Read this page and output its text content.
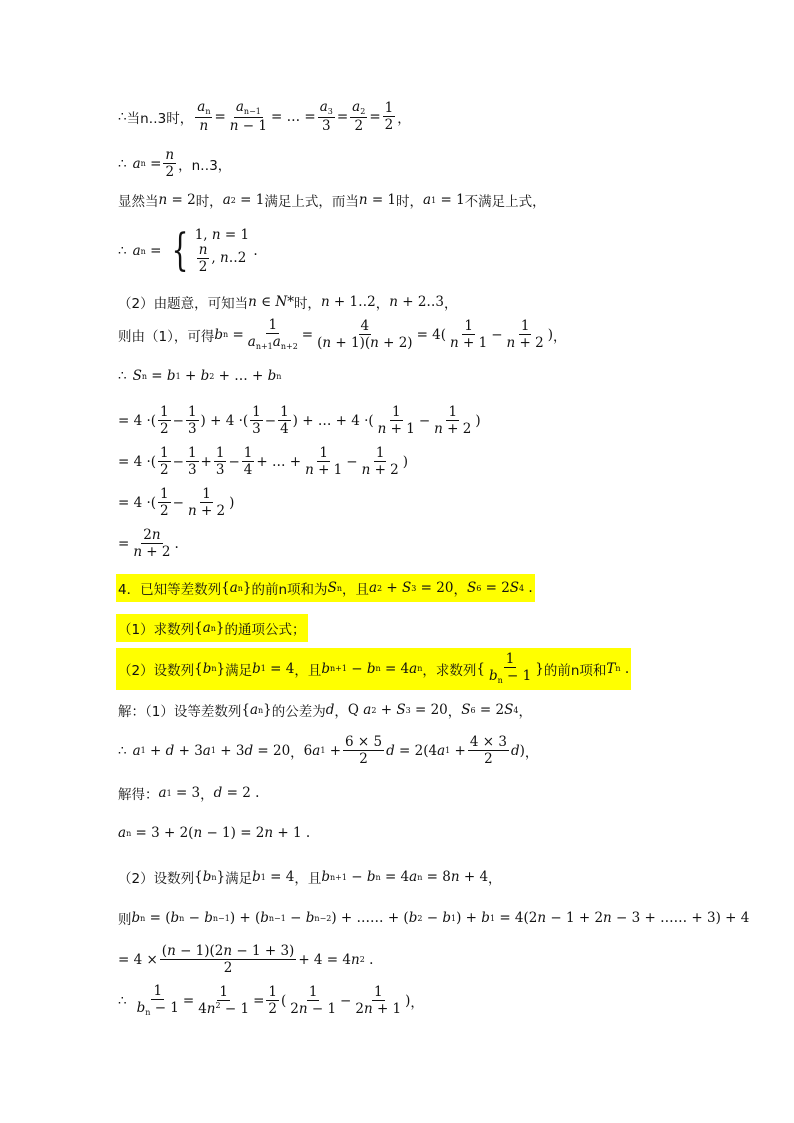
∴ 当n‥3时， $\frac{a_n}{n} = \frac{a_{n-1}}{n - 1}$ = … = $\frac{a_3}{3} = \frac{a_2}{2} = \frac{1}{2}$ ，
∴ a $n = \frac{n}{2}$ ， n‥3，
显然当 n = 2 时， a 2 = 1 满足上式，而当 n = 1 时， a 1 = 1 不满足上式，
∴ a n = { 1, n = 1
$\frac{n}{2}$ , n‥2 .
（2）由题意，可知当 n ∈ N * 时， n + 1‥2 ， n + 2‥3 ，
则由（1），可得 b $n = \frac{1}{a_{n+1}a_{n+2}} = \frac{4}{(n + 1)(n + 2)} = 4( \frac{1}{n + 1} - \frac{1}{n + 2}$ ) ，
∴ S n = b 1 + b 2 + … + b n
= 4 ·( $\frac{1}{2} - \frac{1}{3}$ ) + 4 ·( $\frac{1}{3} - \frac{1}{4}$ ) + … + 4 ·( $\frac{1}{n + 1} - \frac{1}{n + 2}$ )
= 4 ·( $\frac{1}{2} - \frac{1}{3} + \frac{1}{3} - \frac{1}{4}$ + … + $\frac{1}{n + 1} - \frac{1}{n + 2}$ )
= 4 ·( $\frac{1}{2} - \frac{1}{n + 2}$ )
= $\frac{2n}{n + 2}$ .
4．已知等差数列 { a n } 的前n项和为 S n ，且 a 2 + S 3 = 20 ， S 6 = 2 S 4 .
（1）求数列 { a n } 的通项公式；
（2）设数列 { b n } 满足 b 1 = 4 ，且 b n+1 − b n = 4 a n ，求数列 { $\frac{1}{b_n - 1}$ } 的前n项和 T n .
解：（1）设等差数列 { a n } 的公差为 d ， Q
a 2 + S 3 = 20 ， S 6 = 2 S 4 ，
∴ a 1 + d + 3 a 1 + 3 d = 20 ， 6 a $1 + \frac{6 \times 5}{2}$ d = 2(4 a $1 + \frac{4 \times 3}{2}$ d ) ，
解得： a 1 = 3 ， d = 2 .
a n = 3 + 2( n − 1) = 2 n + 1 .
（2）设数列 { b n } 满足 b 1 = 4 ，且 b n+1 − b n = 4 a n = 8 n + 4 ，
则 b n = ( b n − b n−1 ) + ( b n−1 − b n−2 ) + …… + ( b 2 − b 1 ) + b 1 = 4(2 n − 1 + 2 n − 3 + …… + 3) + 4
= $4 \times \frac{(n - 1)(2n - 1 + 3)}{2} + 4 = 4$ n 2 .
∴ $\frac{1}{b_n - 1} = \frac{1}{4n^2 - 1} = \frac{1}{2}$ ( $\frac{1}{2n - 1} - \frac{1}{2n + 1}$ ) ，
